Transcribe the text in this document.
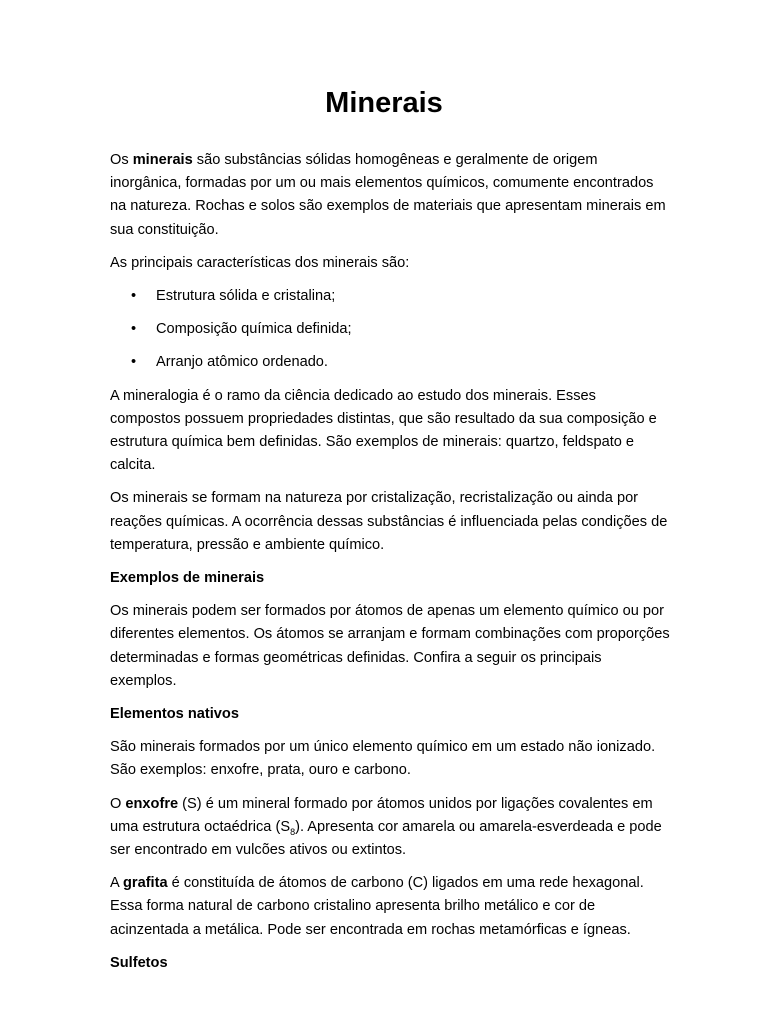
Minerais

Os minerais são substâncias sólidas homogêneas e geralmente de origem inorgânica, formadas por um ou mais elementos químicos, comumente encontrados na natureza. Rochas e solos são exemplos de materiais que apresentam minerais em sua constituição.

As principais características dos minerais são:

• Estrutura sólida e cristalina;
• Composição química definida;
• Arranjo atômico ordenado.

A mineralogia é o ramo da ciência dedicado ao estudo dos minerais. Esses compostos possuem propriedades distintas, que são resultado da sua composição e estrutura química bem definidas. São exemplos de minerais: quartzo, feldspato e calcita.

Os minerais se formam na natureza por cristalização, recristalização ou ainda por reações químicas. A ocorrência dessas substâncias é influenciada pelas condições de temperatura, pressão e ambiente químico.

Exemplos de minerais

Os minerais podem ser formados por átomos de apenas um elemento químico ou por diferentes elementos. Os átomos se arranjam e formam combinações com proporções determinadas e formas geométricas definidas. Confira a seguir os principais exemplos.

Elementos nativos

São minerais formados por um único elemento químico em um estado não ionizado. São exemplos: enxofre, prata, ouro e carbono.

O enxofre (S) é um mineral formado por átomos unidos por ligações covalentes em uma estrutura octaédrica $(S_8)$. Apresenta cor amarela ou amarela-esverdeada e pode ser encontrado em vulcões ativos ou extintos.

A grafita é constituída de átomos de carbono (C) ligados em uma rede hexagonal. Essa forma natural de carbono cristalino apresenta brilho metálico e cor de acinzentada a metálica. Pode ser encontrada em rochas metamórficas e ígneas.

Sulfetos
